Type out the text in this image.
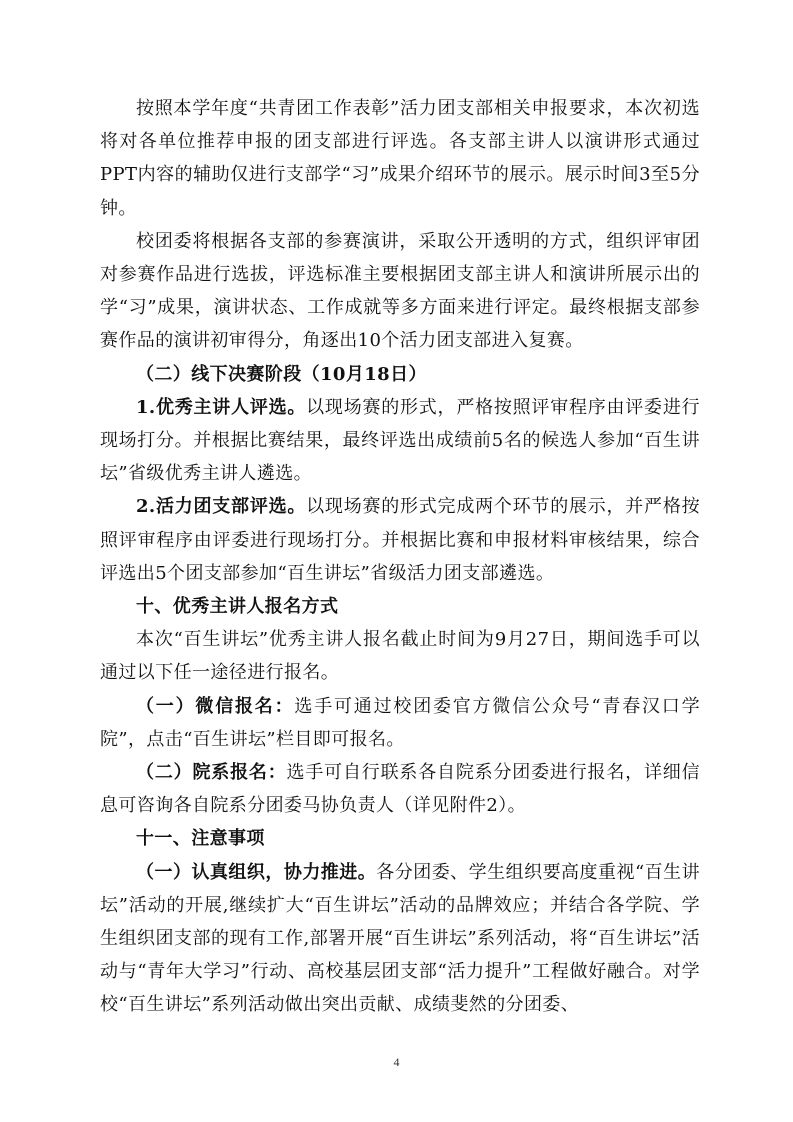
按照本学年度“共青团工作表彰”活力团支部相关申报要求，本次初选将对各单位推荐申报的团支部进行评选。各支部主讲人以演讲形式通过PPT内容的辅助仅进行支部学“习”成果介绍环节的展示。展示时间3至5分钟。

校团委将根据各支部的参赛演讲，采取公开透明的方式，组织评审团对参赛作品进行选拔，评选标准主要根据团支部主讲人和演讲所展示出的学“习”成果，演讲状态、工作成就等多方面来进行评定。最终根据支部参赛作品的演讲初审得分，角逐出10个活力团支部进入复赛。

（二）线下决赛阶段（10月18日）

1.优秀主讲人评选。以现场赛的形式，严格按照评审程序由评委进行现场打分。并根据比赛结果，最终评选出成绩前5名的候选人参加“百生讲坛”省级优秀主讲人遴选。

2.活力团支部评选。以现场赛的形式完成两个环节的展示，并严格按照评审程序由评委进行现场打分。并根据比赛和申报材料审核结果，综合评选出5个团支部参加“百生讲坛”省级活力团支部遴选。

十、优秀主讲人报名方式

本次“百生讲坛”优秀主讲人报名截止时间为9月27日，期间选手可以通过以下任一途径进行报名。

（一）微信报名：选手可通过校团委官方微信公众号“青春汉口学院”，点击“百生讲坛”栏目即可报名。

（二）院系报名：选手可自行联系各自院系分团委进行报名，详细信息可咨询各自院系分团委马协负责人（详见附件2）。

十一、注意事项

（一）认真组织，协力推进。各分团委、学生组织要高度重视“百生讲坛”活动的开展,继续扩大“百生讲坛”活动的品牌效应；并结合各学院、学生组织团支部的现有工作,部署开展“百生讲坛”系列活动，将“百生讲坛”活动与“青年大学习”行动、高校基层团支部“活力提升”工程做好融合。对学校“百生讲坛”系列活动做出突出贡献、成绩斐然的分团委、

4
